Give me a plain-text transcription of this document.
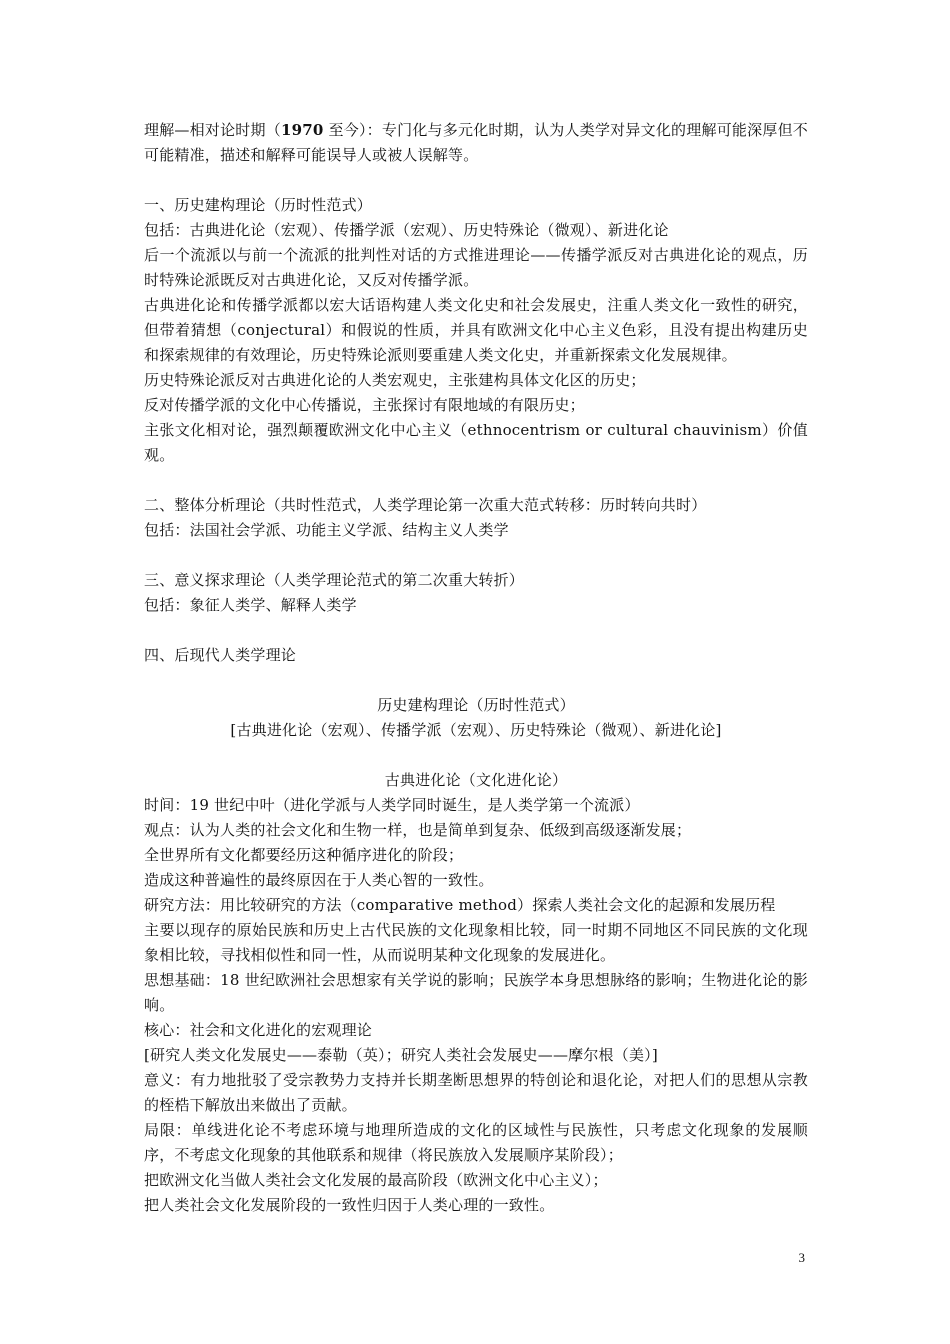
理解—相对论时期（1970 至今）：专门化与多元化时期，认为人类学对异文化的理解可能深厚但不可能精准，描述和解释可能误导人或被人误解等。

一、历史建构理论（历时性范式）

包括：古典进化论（宏观）、传播学派（宏观）、历史特殊论（微观）、新进化论

后一个流派以与前一个流派的批判性对话的方式推进理论——传播学派反对古典进化论的观点，历时特殊论派既反对古典进化论，又反对传播学派。

古典进化论和传播学派都以宏大话语构建人类文化史和社会发展史，注重人类文化一致性的研究，但带着猜想（conjectural）和假说的性质，并具有欧洲文化中心主义色彩，且没有提出构建历史和探索规律的有效理论，历史特殊论派则要重建人类文化史，并重新探索文化发展规律。

历史特殊论派反对古典进化论的人类宏观史，主张建构具体文化区的历史；

反对传播学派的文化中心传播说，主张探讨有限地域的有限历史；

主张文化相对论，强烈颠覆欧洲文化中心主义（ethnocentrism or cultural chauvinism）价值观。

二、整体分析理论（共时性范式，人类学理论第一次重大范式转移：历时转向共时）

包括：法国社会学派、功能主义学派、结构主义人类学

三、意义探求理论（人类学理论范式的第二次重大转折）

包括：象征人类学、解释人类学

四、后现代人类学理论

历史建构理论（历时性范式）

[古典进化论（宏观）、传播学派（宏观）、历史特殊论（微观）、新进化论]

古典进化论（文化进化论）

时间：19 世纪中叶（进化学派与人类学同时诞生，是人类学第一个流派）

观点：认为人类的社会文化和生物一样，也是简单到复杂、低级到高级逐渐发展；

全世界所有文化都要经历这种循序进化的阶段；

造成这种普遍性的最终原因在于人类心智的一致性。

研究方法：用比较研究的方法（comparative method）探索人类社会文化的起源和发展历程

主要以现存的原始民族和历史上古代民族的文化现象相比较，同一时期不同地区不同民族的文化现象相比较，寻找相似性和同一性，从而说明某种文化现象的发展进化。

思想基础：18 世纪欧洲社会思想家有关学说的影响；民族学本身思想脉络的影响；生物进化论的影响。

核心：社会和文化进化的宏观理论

[研究人类文化发展史——泰勒（英）；研究人类社会发展史——摩尔根（美）]

意义：有力地批驳了受宗教势力支持并长期垄断思想界的特创论和退化论，对把人们的思想从宗教的桎梏下解放出来做出了贡献。

局限：单线进化论不考虑环境与地理所造成的文化的区域性与民族性，只考虑文化现象的发展顺序，不考虑文化现象的其他联系和规律（将民族放入发展顺序某阶段）；

把欧洲文化当做人类社会文化发展的最高阶段（欧洲文化中心主义）；

把人类社会文化发展阶段的一致性归因于人类心理的一致性。

3
